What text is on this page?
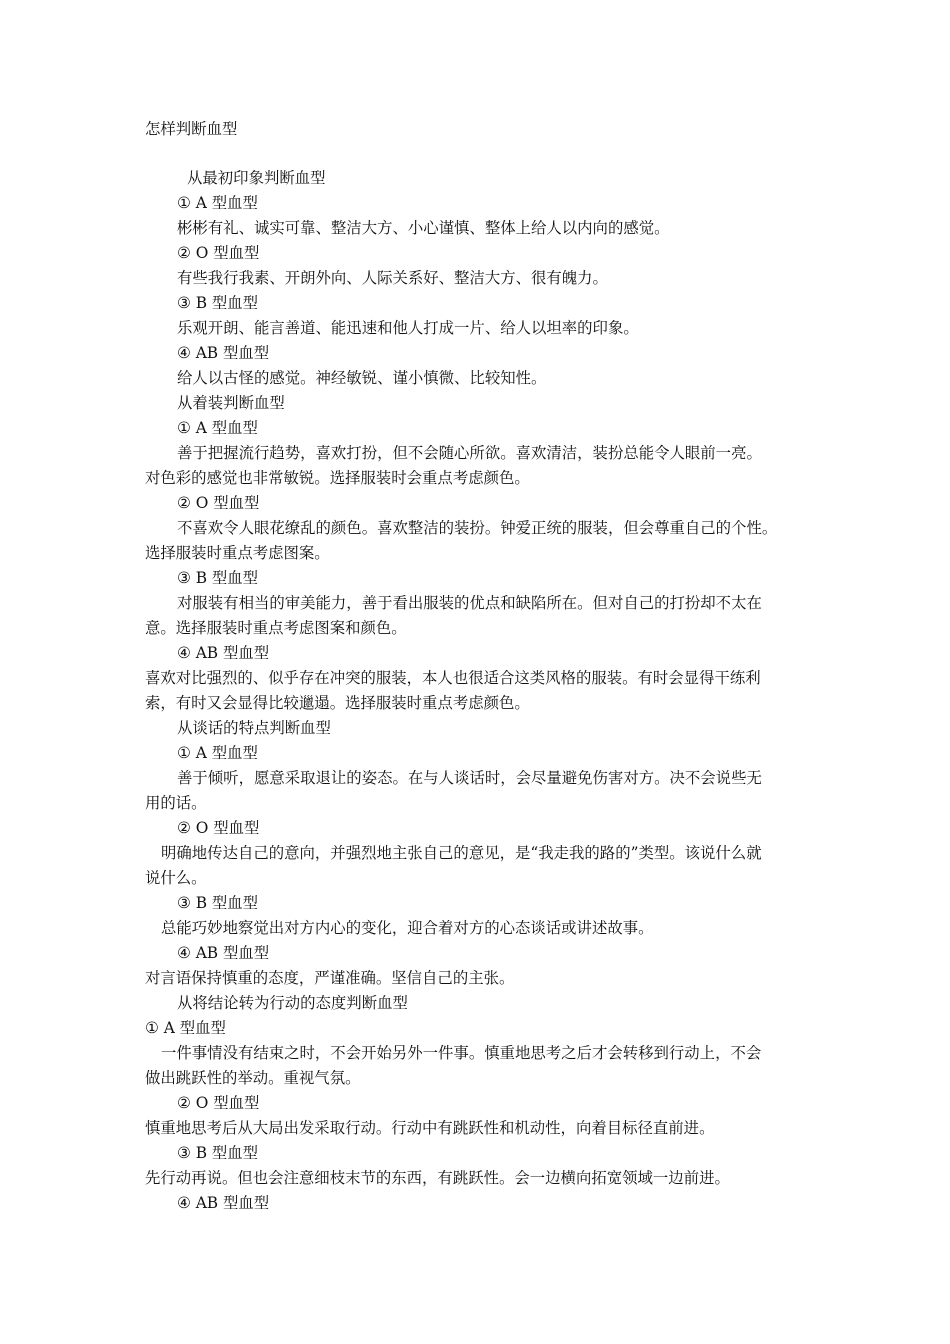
怎样判断血型
从最初印象判断血型
① A 型血型
彬彬有礼、诚实可靠、整洁大方、小心谨慎、整体上给人以内向的感觉。
② O 型血型
有些我行我素、开朗外向、人际关系好、整洁大方、很有魄力。
③ B 型血型
乐观开朗、能言善道、能迅速和他人打成一片、给人以坦率的印象。
④ AB 型血型
给人以古怪的感觉。神经敏锐、谨小慎微、比较知性。
从着装判断血型
① A 型血型
善于把握流行趋势，喜欢打扮，但不会随心所欲。喜欢清洁，装扮总能令人眼前一亮。
对色彩的感觉也非常敏锐。选择服装时会重点考虑颜色。
② O 型血型
不喜欢令人眼花缭乱的颜色。喜欢整洁的装扮。钟爱正统的服装，但会尊重自己的个性。
选择服装时重点考虑图案。
③ B 型血型
对服装有相当的审美能力，善于看出服装的优点和缺陷所在。但对自己的打扮却不太在
意。选择服装时重点考虑图案和颜色。
④ AB 型血型
喜欢对比强烈的、似乎存在冲突的服装，本人也很适合这类风格的服装。有时会显得干练利
索，有时又会显得比较邋遢。选择服装时重点考虑颜色。
从谈话的特点判断血型
① A 型血型
善于倾听，愿意采取退让的姿态。在与人谈话时，会尽量避免伤害对方。决不会说些无
用的话。
② O 型血型
明确地传达自己的意向，并强烈地主张自己的意见，是“我走我的路的”类型。该说什么就
说什么。
③ B 型血型
总能巧妙地察觉出对方内心的变化，迎合着对方的心态谈话或讲述故事。
④ AB 型血型
对言语保持慎重的态度，严谨准确。坚信自己的主张。
从将结论转为行动的态度判断血型
① A 型血型
一件事情没有结束之时，不会开始另外一件事。慎重地思考之后才会转移到行动上，不会
做出跳跃性的举动。重视气氛。
② O 型血型
慎重地思考后从大局出发采取行动。行动中有跳跃性和机动性，向着目标径直前进。
③ B 型血型
先行动再说。但也会注意细枝末节的东西，有跳跃性。会一边横向拓宽领域一边前进。
④ AB 型血型
